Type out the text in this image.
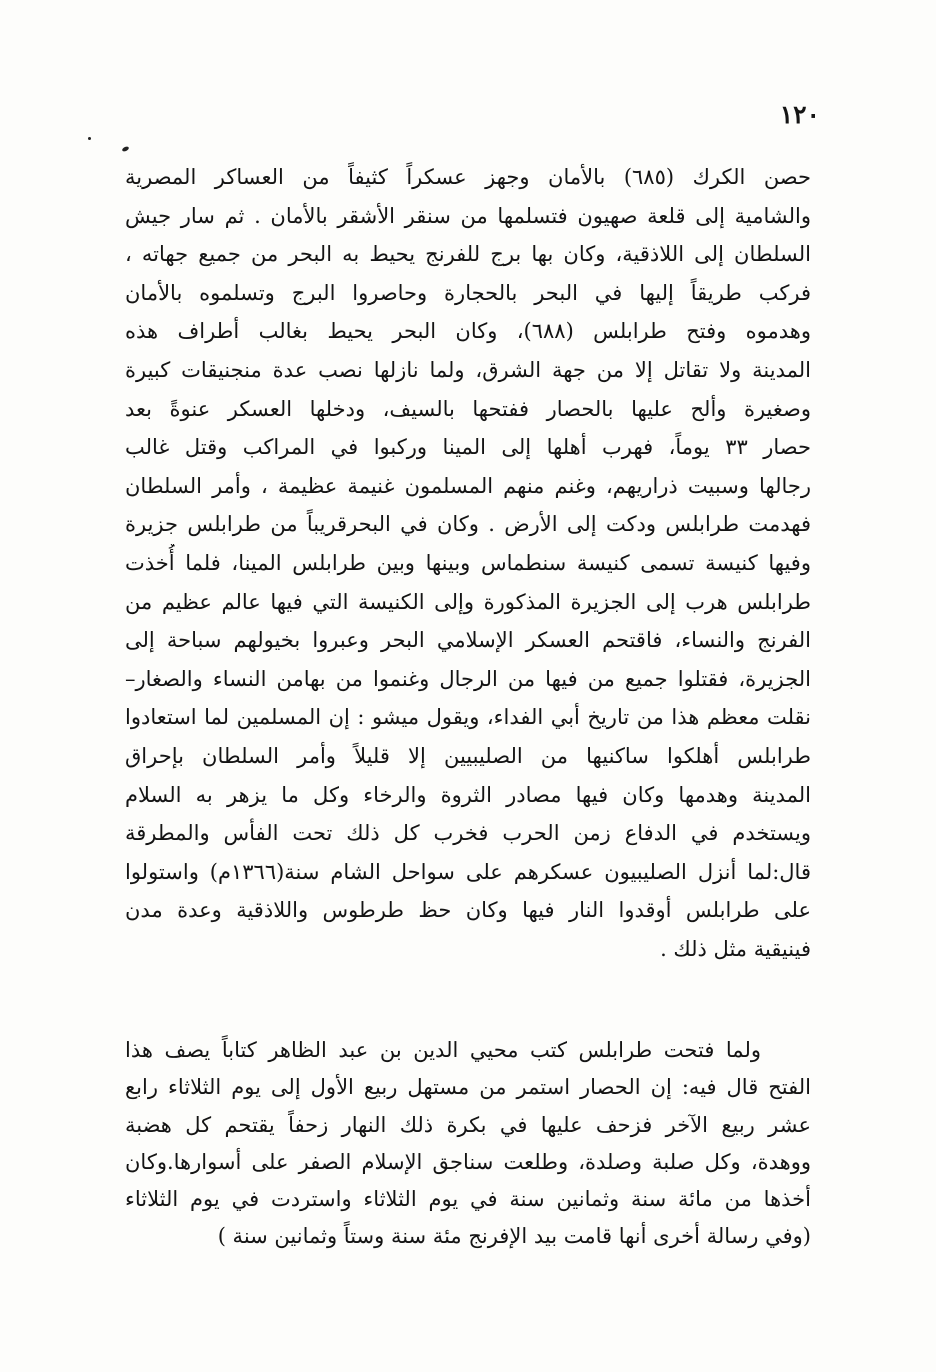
١٢٠
حصن الكرك (٦٨٥) بالأمان وجهز عسكراً كثيفاً من العساكر المصرية
والشامية إلى قلعة صهيون فتسلمها من سنقر الأشقر بالأمان . ثم سار جيش
السلطان إلى اللاذقية، وكان بها برج للفرنج يحيط به البحر من جميع جهاته ،
فركب طريقاً إليها في البحر بالحجارة وحاصروا البرج وتسلموه بالأمان
وهدموه وفتح طرابلس (٦٨٨)، وكان البحر يحيط بغالب أطراف هذه
المدينة ولا تقاتل إلا من جهة الشرق، ولما نازلها نصب عدة منجنيقات كبيرة
وصغيرة وألح عليها بالحصار ففتحها بالسيف، ودخلها العسكر عنوةً بعد
حصار ٣٣ يوماً، فهرب أهلها إلى المينا وركبوا في المراكب وقتل غالب
رجالها وسبيت ذراريهم، وغنم منهم المسلمون غنيمة عظيمة ، وأمر السلطان
فهدمت طرابلس ودكت إلى الأرض . وكان في البحرقريباً من طرابلس جزيرة
وفيها كنيسة تسمى كنيسة سنطماس وبينها وبين طرابلس المينا، فلما أُخذت
طرابلس هرب إلى الجزيرة المذكورة وإلى الكنيسة التي فيها عالم عظيم من
الفرنج والنساء، فاقتحم العسكر الإسلامي البحر وعبروا بخيولهم سباحة إلى
الجزيرة، فقتلوا جميع من فيها من الرجال وغنموا من بهامن النساء والصغار–
نقلت معظم هذا من تاريخ أبي الفداء، ويقول ميشو : إن المسلمين لما استعادوا
طرابلس أهلكوا ساكنيها من الصليبيين إلا قليلاً وأمر السلطان بإحراق
المدينة وهدمها وكان فيها مصادر الثروة والرخاء وكل ما يزهر به السلام
ويستخدم في الدفاع زمن الحرب فخرب كل ذلك تحت الفأس والمطرقة
قال:لما أنزل الصليبيون عسكرهم على سواحل الشام سنة(١٣٦٦م) واستولوا
على طرابلس أوقدوا النار فيها وكان حظ طرطوس واللاذقية وعدة مدن
فينيقية مثل ذلك .
ولما فتحت طرابلس كتب محيي الدين بن عبد الظاهر كتاباً يصف هذا
الفتح قال فيه: إن الحصار استمر من مستهل ربيع الأول إلى يوم الثلاثاء رابع
عشر ربيع الآخر فزحف عليها في بكرة ذلك النهار زحفاً يقتحم كل هضبة
ووهدة، وكل صلبة وصلدة، وطلعت سناجق الإسلام الصفر على أسوارها.وكان
أخذها من مائة سنة وثمانين سنة في يوم الثلاثاء واستردت في يوم الثلاثاء
(وفي رسالة أخرى أنها قامت بيد الإفرنج مئة سنة وستاً وثمانين سنة )
